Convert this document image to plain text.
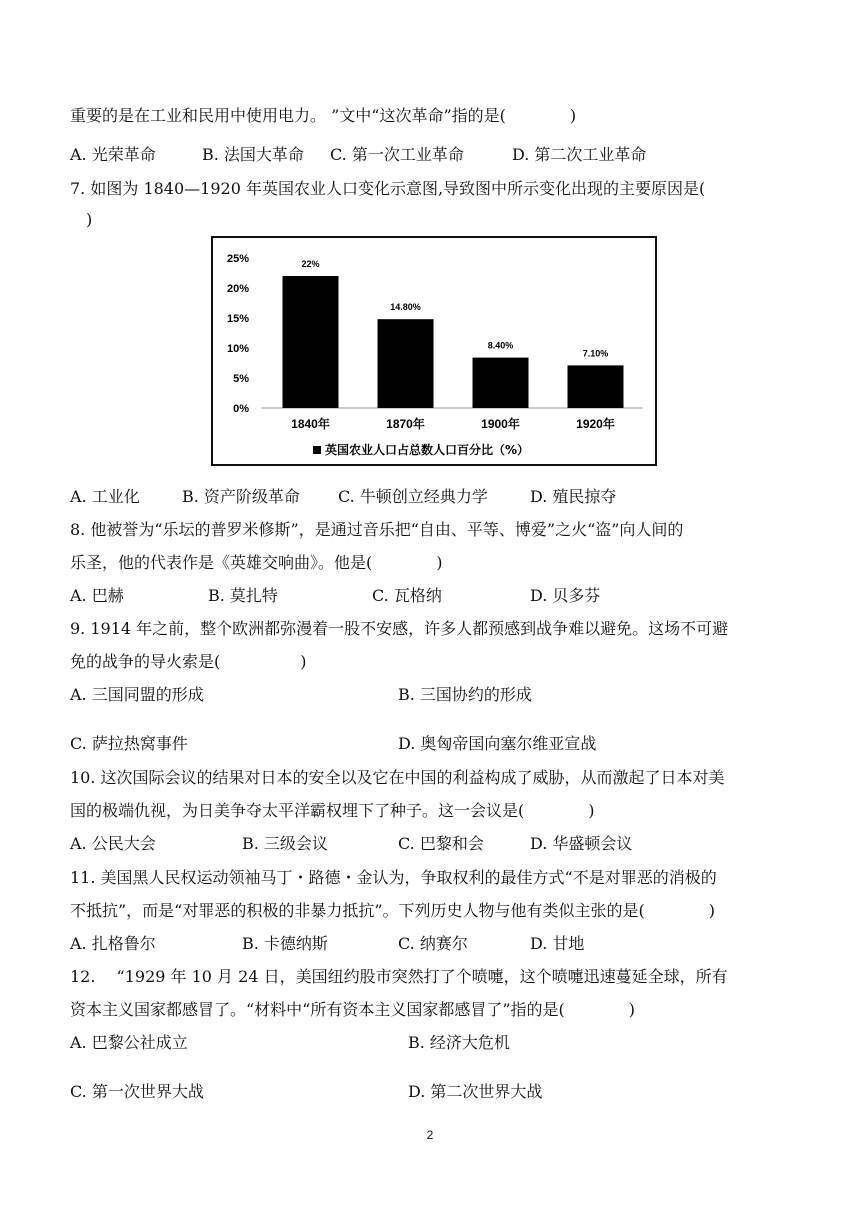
重要的是在工业和民用中使用电力。 ”文中“这次革命”指的是(　　　　)
A. 光荣革命	B. 法国大革命 C. 第一次工业革命	D. 第二次工业革命
7. 如图为 1840—1920 年英国农业人口变化示意图,导致图中所示变化出现的主要原因是(
)
0%
5%
10%
15%
20%
25%	22%
1840年
14.80%
1870年
8.40%
1900年
7.10%
1920年
英国农业人口占总数人口百分比（%）
A. 工业化	B. 资产阶级革命 C. 牛顿创立经典力学	D. 殖民掠夺
8. 他被誉为“乐坛的普罗米修斯”，是通过音乐把“自由、平等、博爱”之火“盗”向人间的
乐圣，他的代表作是《英雄交响曲》。他是(　　　　)
A. 巴赫	B. 莫扎特	C. 瓦格纳	D. 贝多芬
9. 1914 年之前，整个欧洲都弥漫着一股不安感，许多人都预感到战争难以避免。这场不可避
免的战争的导火索是(　　　　　)
A. 三国同盟的形成	B. 三国协约的形成
C. 萨拉热窝事件	D. 奥匈帝国向塞尔维亚宣战
10. 这次国际会议的结果对日本的安全以及它在中国的利益构成了威胁，从而激起了日本对美
国的极端仇视，为日美争夺太平洋霸权埋下了种子。这一会议是(　　　　)
A. 公民大会	B. 三级会议	C. 巴黎和会	D. 华盛顿会议
11. 美国黑人民权运动领袖马丁・路德・金认为，争取权利的最佳方式“不是对罪恶的消极的
不抵抗”，而是“对罪恶的积极的非暴力抵抗”。下列历史人物与他有类似主张的是(　　　　)
A. 扎格鲁尔	B. 卡德纳斯	C. 纳赛尔	D. 甘地
12.　 “1929 年 10 月 24 日，美国纽约股市突然打了个喷嚏，这个喷嚏迅速蔓延全球，所有
资本主义国家都感冒了。“材料中“所有资本主义国家都感冒了”指的是(　　　　)
A. 巴黎公社成立	B. 经济大危机
C. 第一次世界大战	D. 第二次世界大战
2
